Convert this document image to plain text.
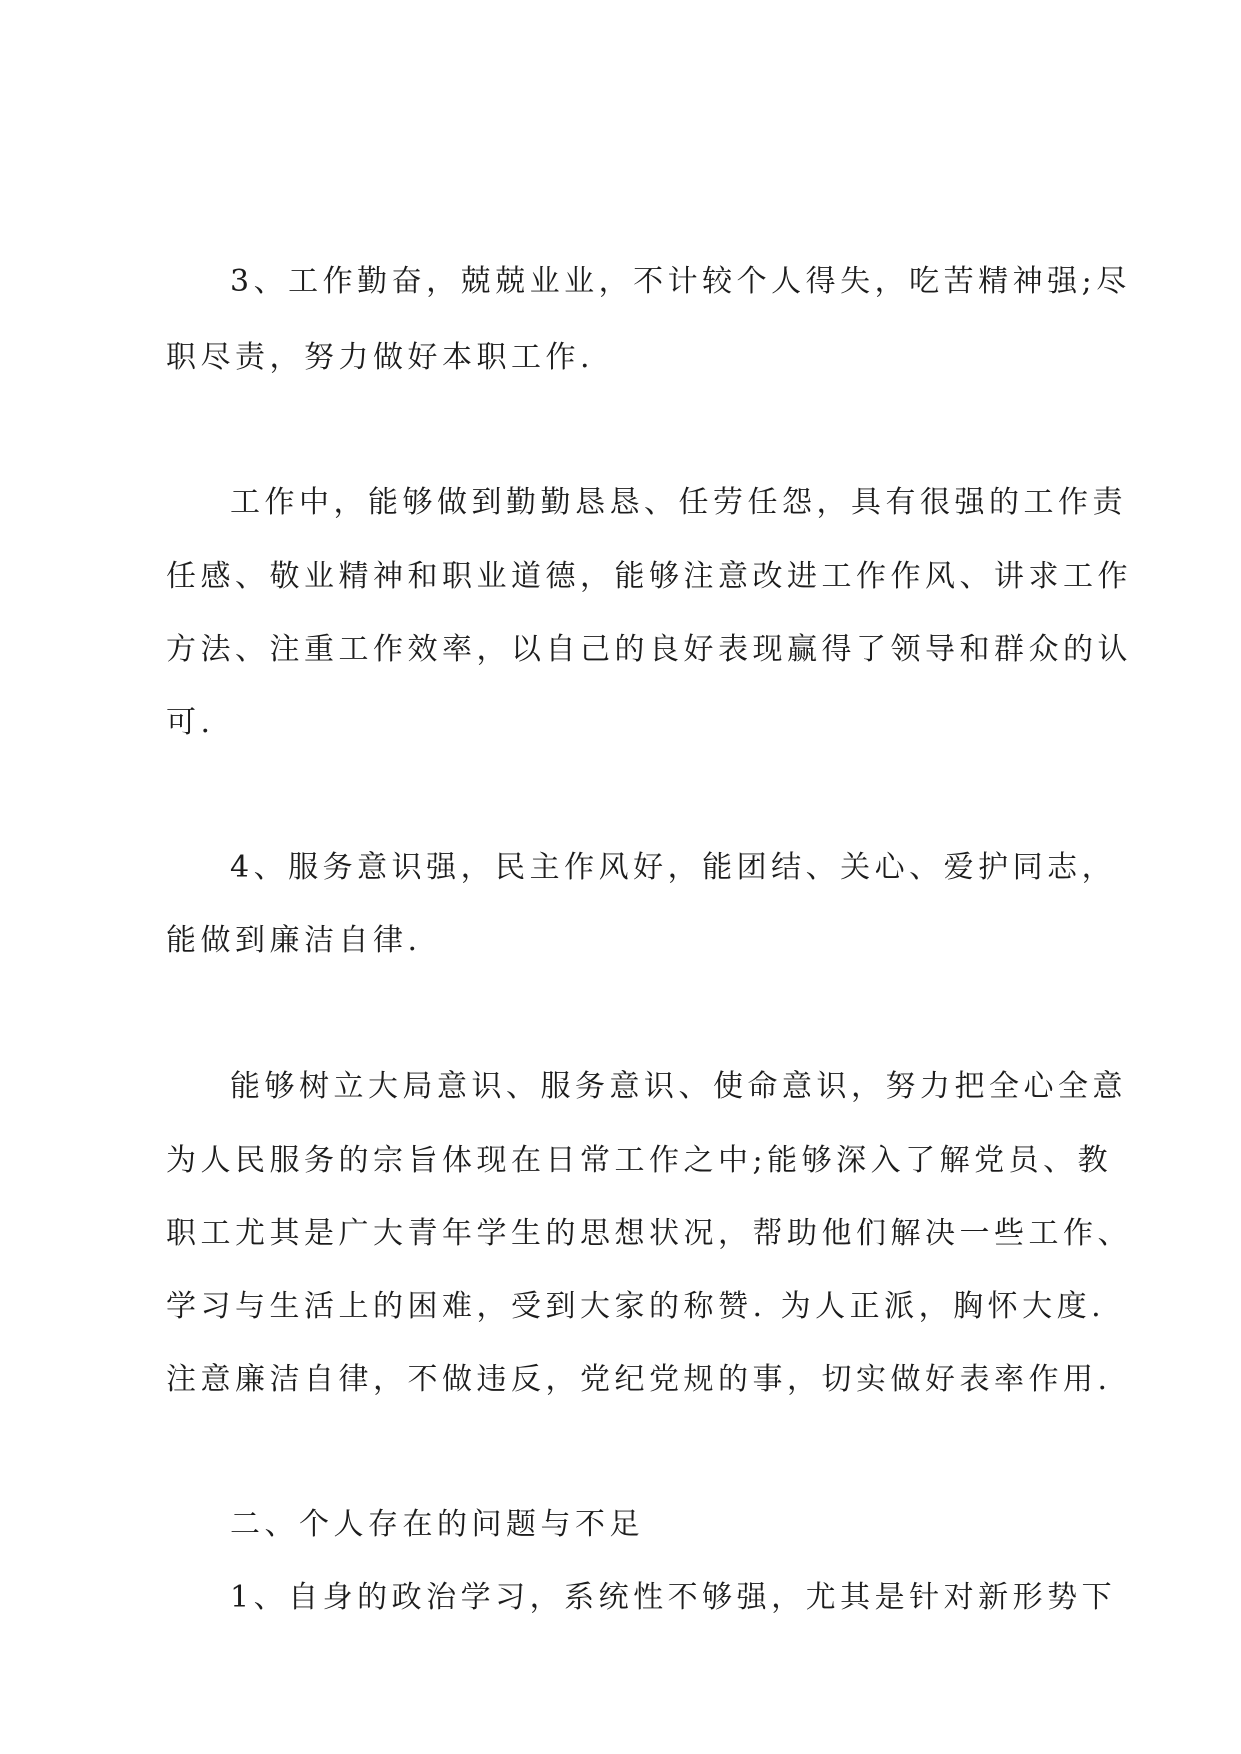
3、工作勤奋，兢兢业业，不计较个人得失，吃苦精神强;尽
职尽责，努力做好本职工作.
工作中，能够做到勤勤恳恳、任劳任怨，具有很强的工作责
任感、敬业精神和职业道德，能够注意改进工作作风、讲求工作
方法、注重工作效率，以自己的良好表现赢得了领导和群众的认
可.
4、服务意识强，民主作风好，能团结、关心、爱护同志，
能做到廉洁自律.
能够树立大局意识、服务意识、使命意识，努力把全心全意
为人民服务的宗旨体现在日常工作之中;能够深入了解党员、教
职工尤其是广大青年学生的思想状况，帮助他们解决一些工作、
学习与生活上的困难，受到大家的称赞. 为人正派，胸怀大度.
注意廉洁自律，不做违反，党纪党规的事，切实做好表率作用.
二、个人存在的问题与不足
1、自身的政治学习，系统性不够强，尤其是针对新形势下
